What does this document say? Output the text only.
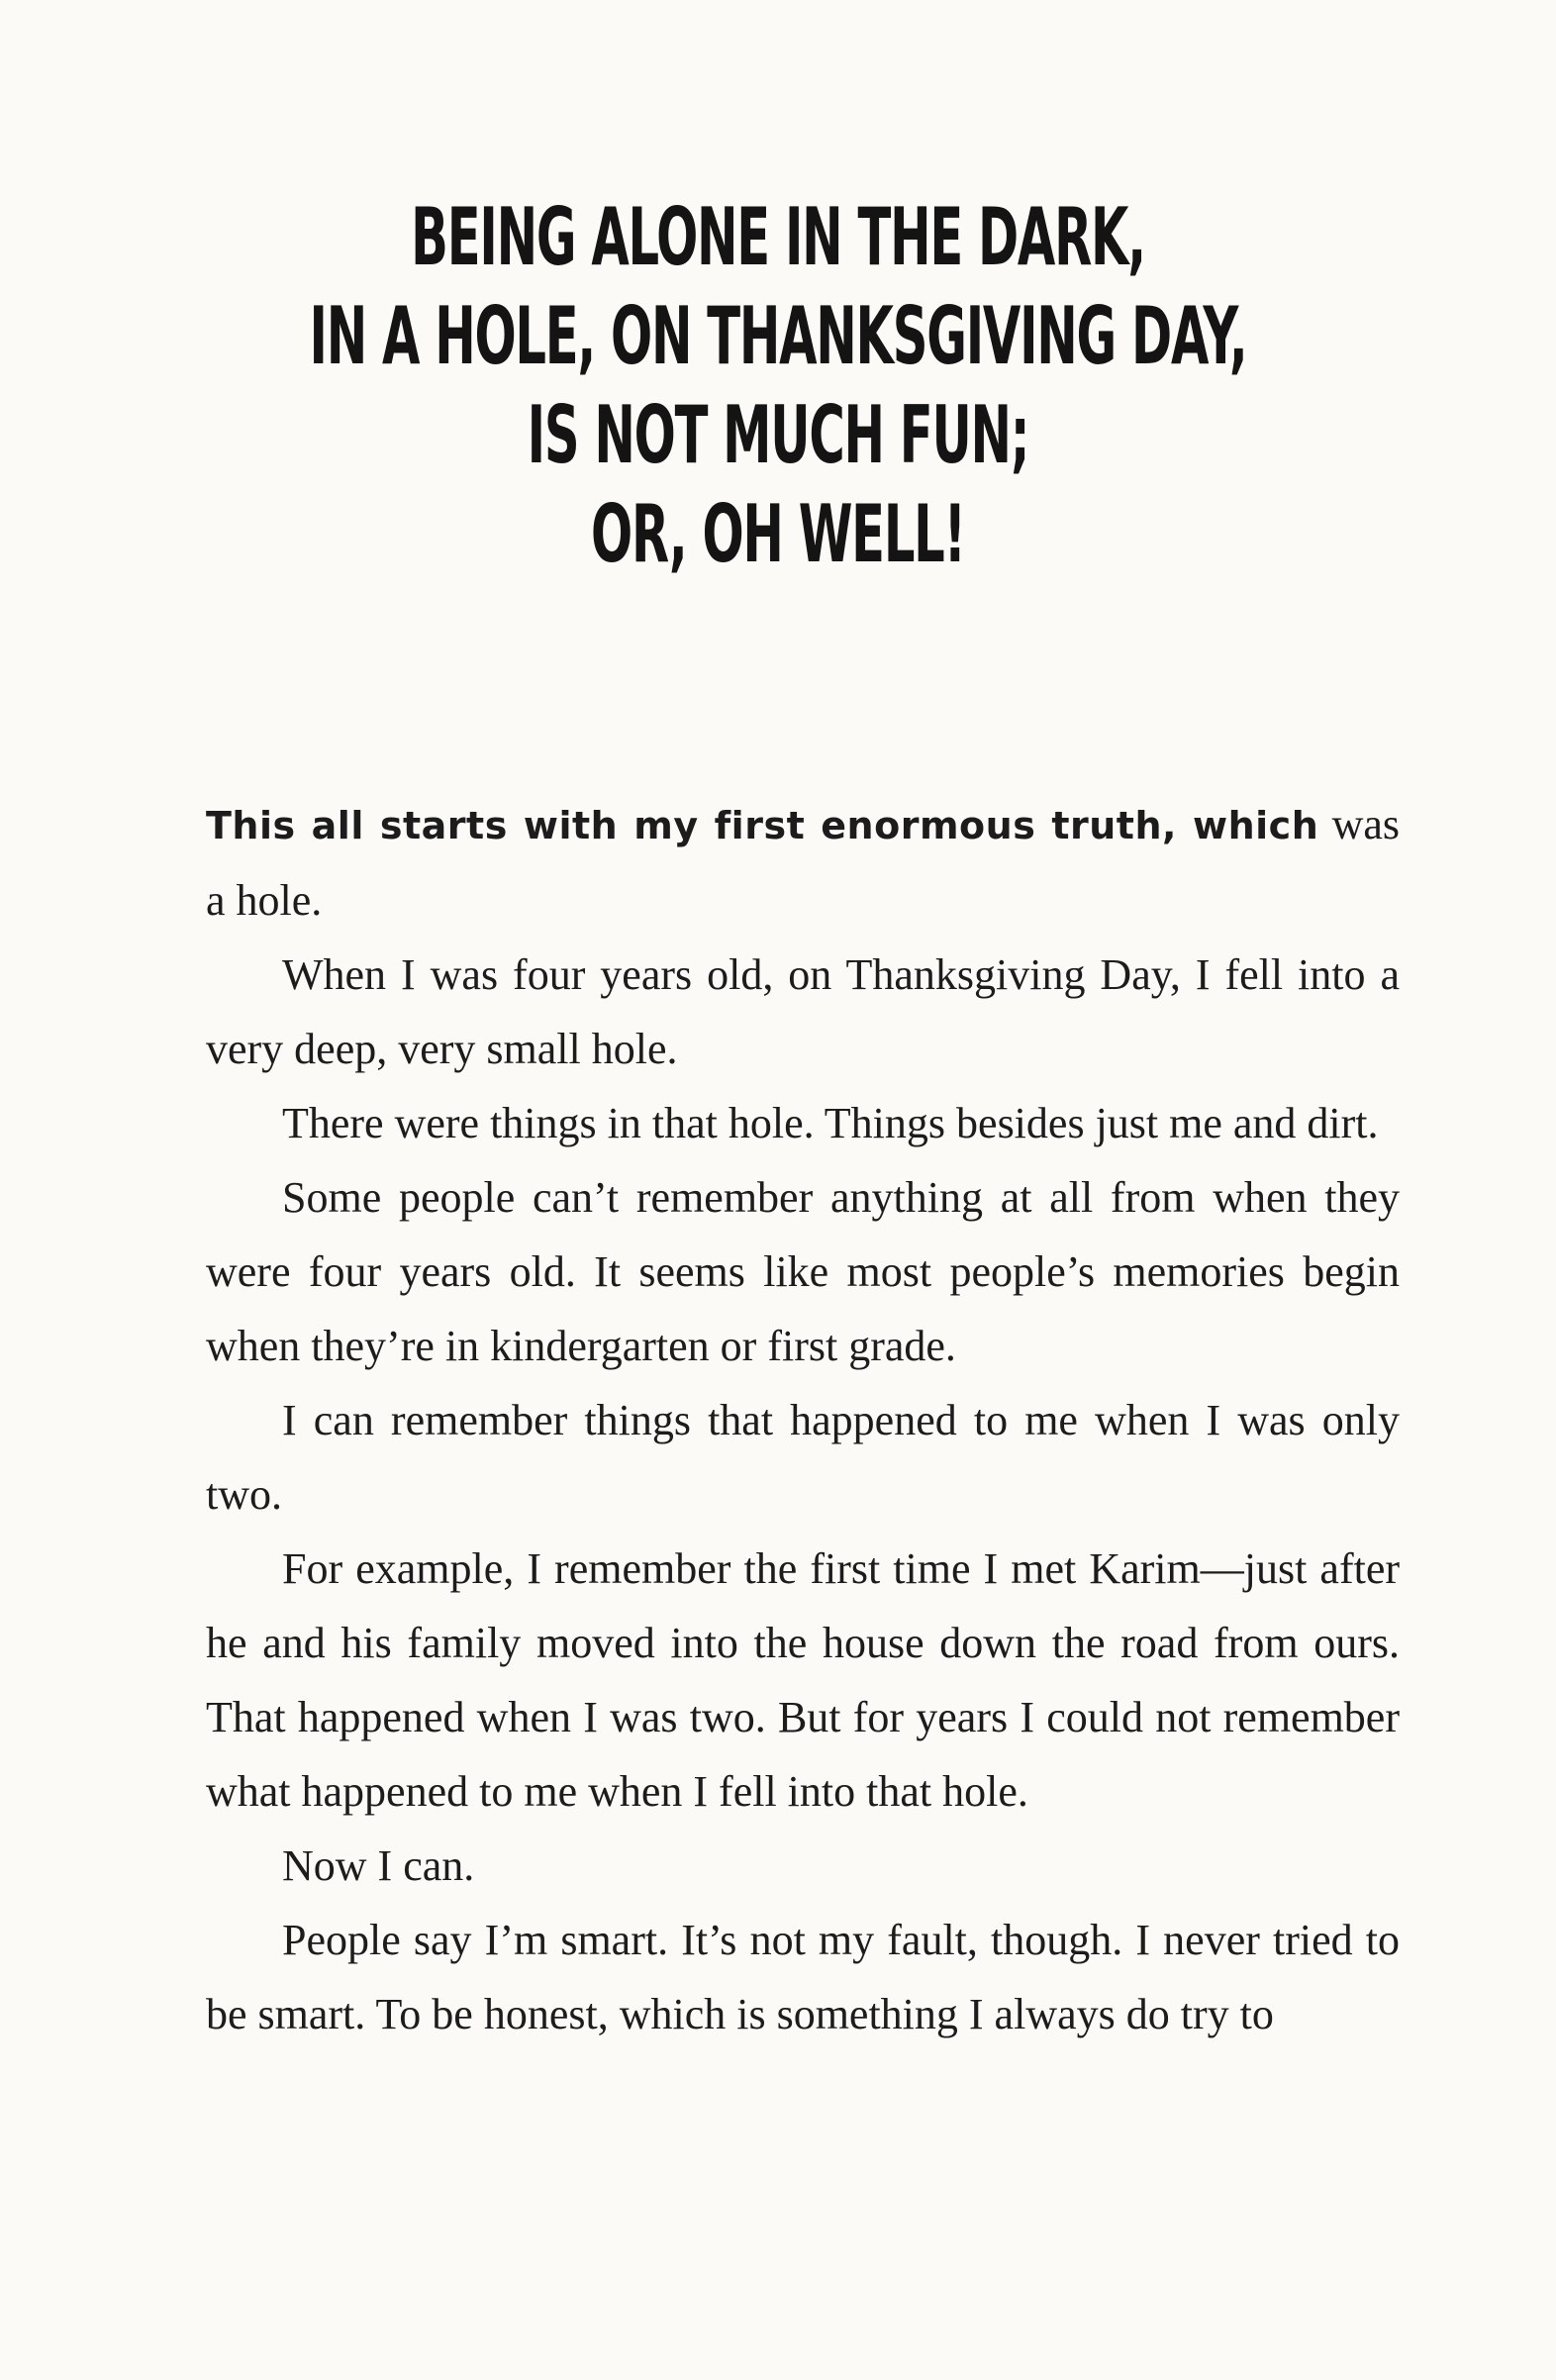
BEING ALONE IN THE DARK,
IN A HOLE, ON THANKSGIVING DAY,
IS NOT MUCH FUN;
OR, OH WELL!

This all starts with my first enormous truth, which was a hole.

When I was four years old, on Thanksgiving Day, I fell into a very deep, very small hole.

There were things in that hole. Things besides just me and dirt.

Some people can’t remember anything at all from when they were four years old. It seems like most people’s memories begin when they’re in kindergarten or first grade.

I can remember things that happened to me when I was only two.

For example, I remember the first time I met Karim—just after he and his family moved into the house down the road from ours. That happened when I was two. But for years I could not remember what happened to me when I fell into that hole.

Now I can.

People say I’m smart. It’s not my fault, though. I never tried to be smart. To be honest, which is something I always do try to
